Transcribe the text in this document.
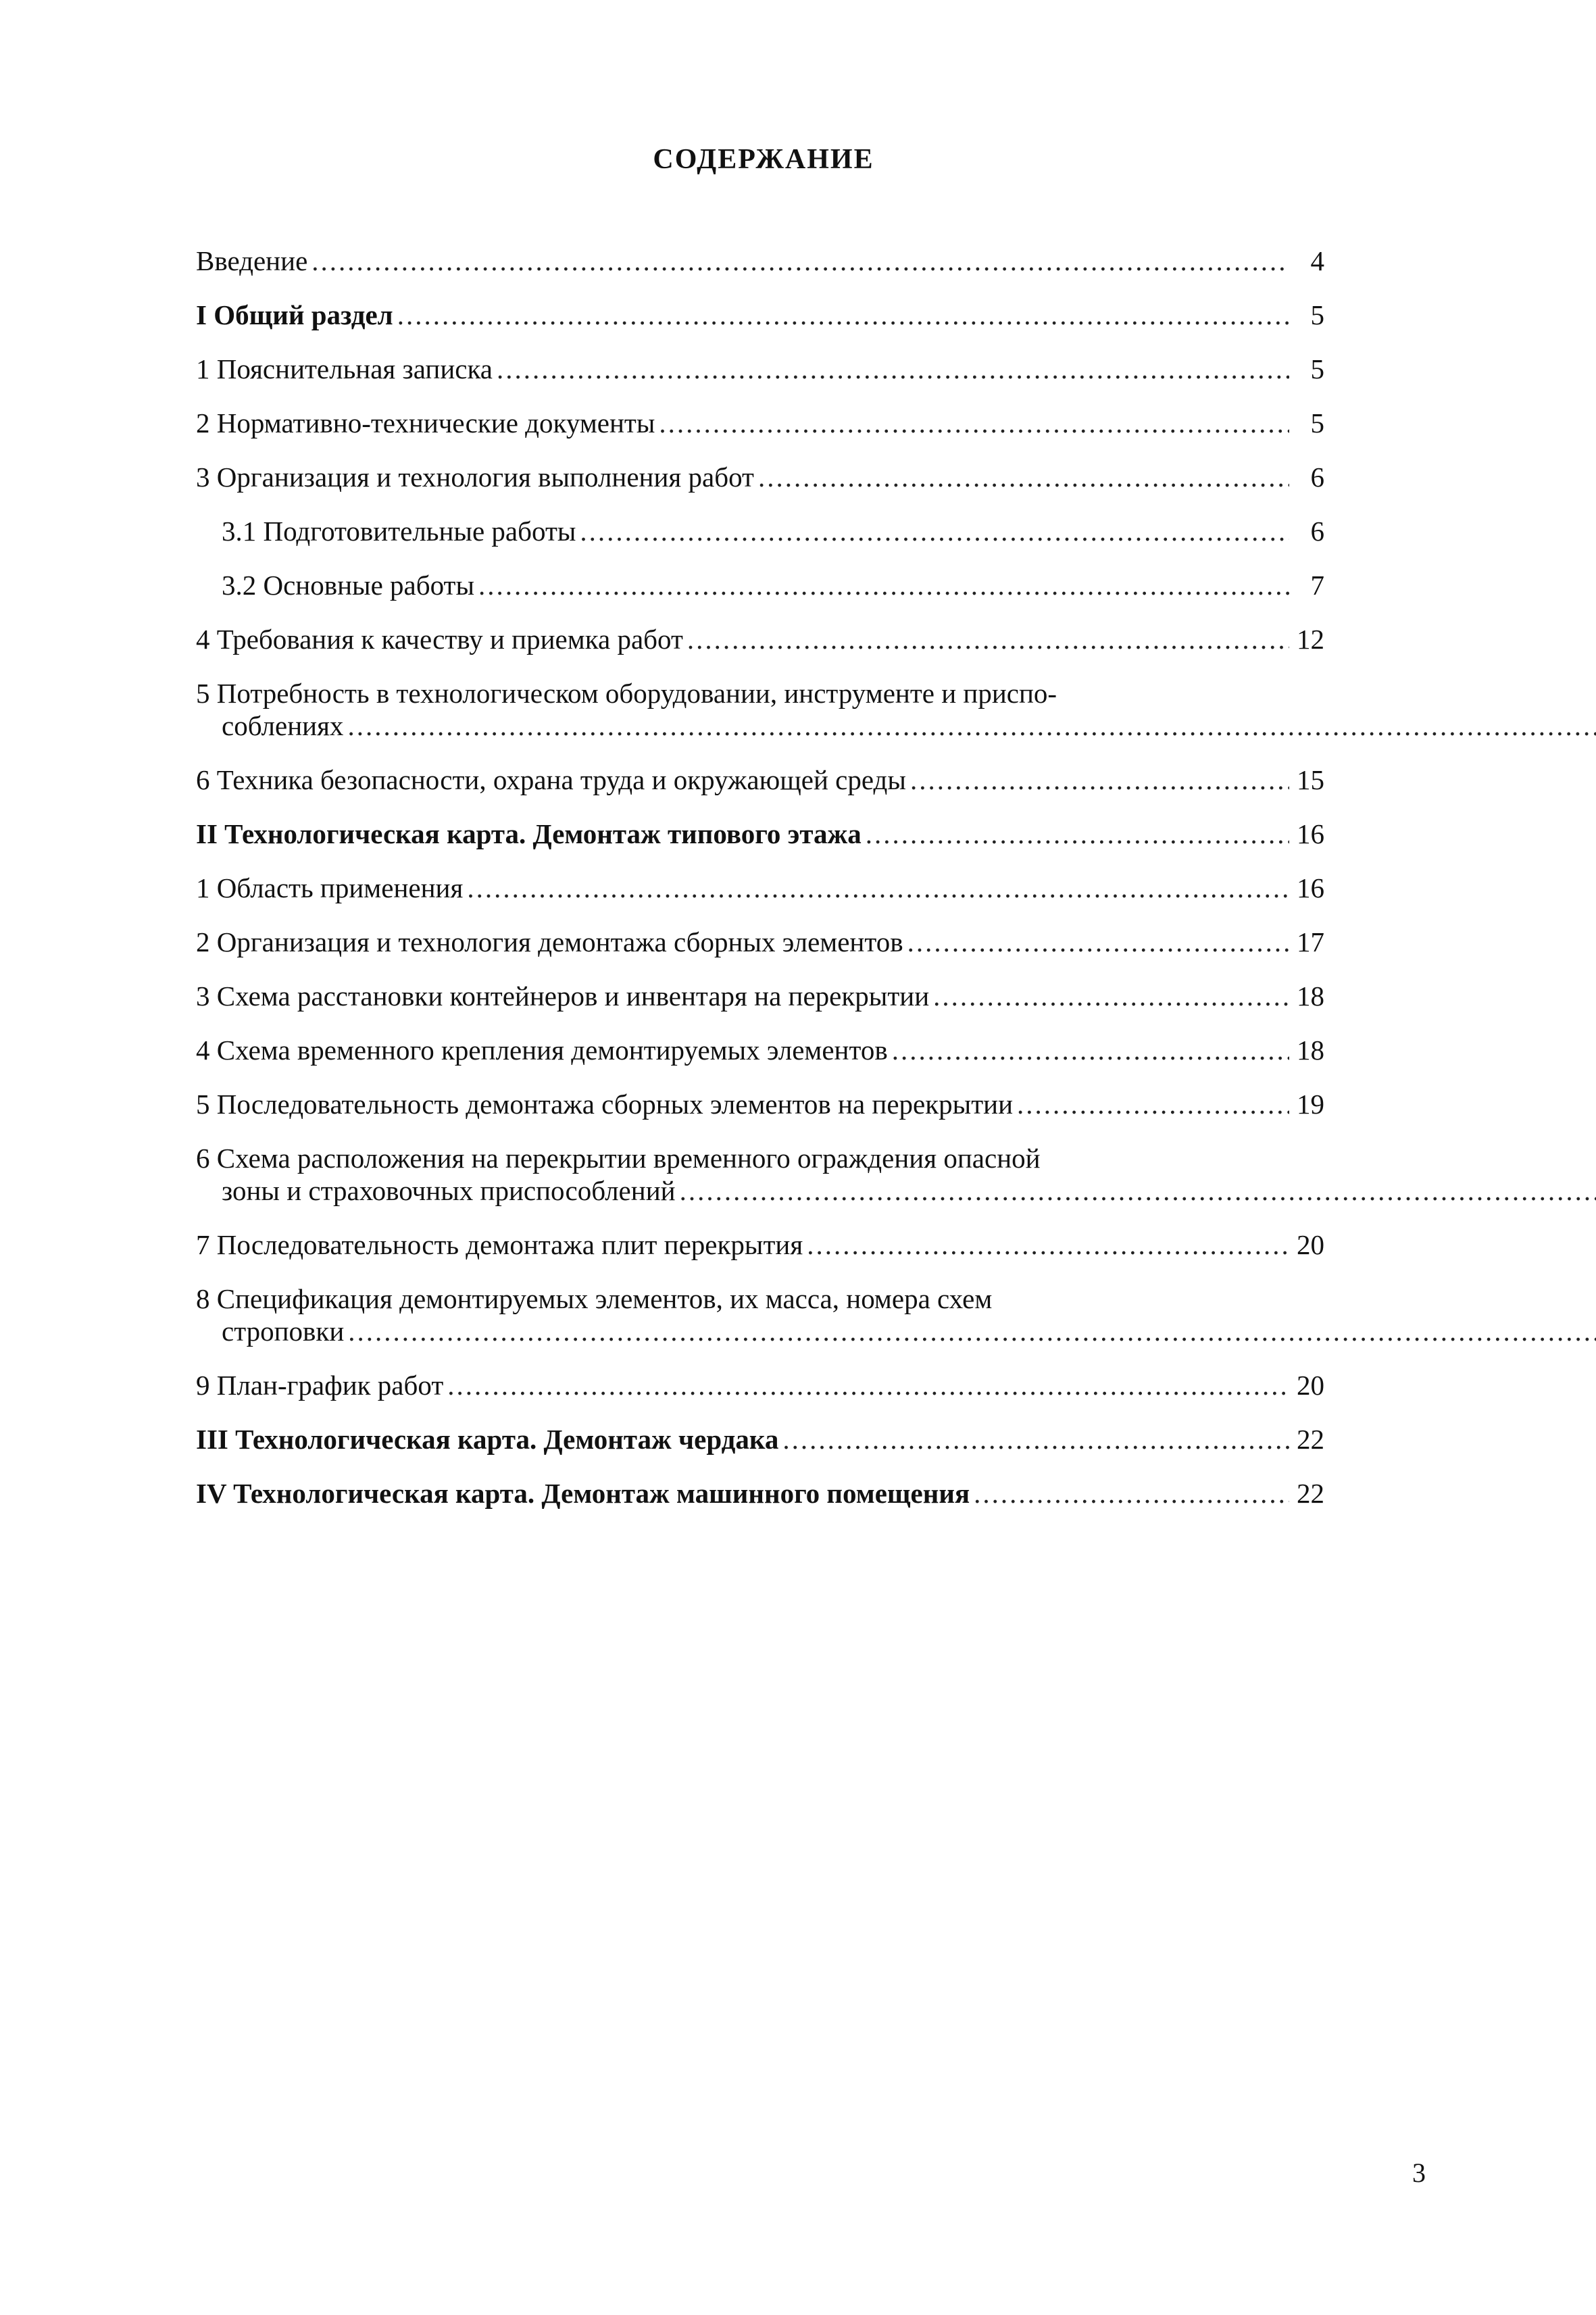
СОДЕРЖАНИЕ
Введение .....	4
I Общий раздел .....	5
1 Пояснительная записка .....	5
2 Нормативно-технические документы .....	5
3 Организация и технология выполнения работ .....	6
3.1 Подготовительные работы .....	6
3.2 Основные работы .....	7
4 Требования к качеству и приемка работ .....	12
5 Потребность в технологическом оборудовании, инструменте и приспо-
соблениях
.....
6 Техника безопасности, охрана труда и окружающей среды .....	15
II Технологическая карта. Демонтаж типового этажа .....	16
1 Область применения .....	16
2 Организация и технология демонтажа сборных элементов .....	17
3 Схема расстановки контейнеров и инвентаря на перекрытии .....	18
4 Схема временного крепления демонтируемых элементов .....	18
5 Последовательность демонтажа сборных элементов на перекрытии .....	19
6 Схема расположения на перекрытии временного ограждения опасной
зоны и страховочных приспособлений
.....
7 Последовательность демонтажа плит перекрытия .....	20
8 Спецификация демонтируемых элементов, их масса, номера схем
строповки
.....
9 План-график работ .....	20
III Технологическая карта. Демонтаж чердака .....	22
IV Технологическая карта. Демонтаж машинного помещения .....	22
3
